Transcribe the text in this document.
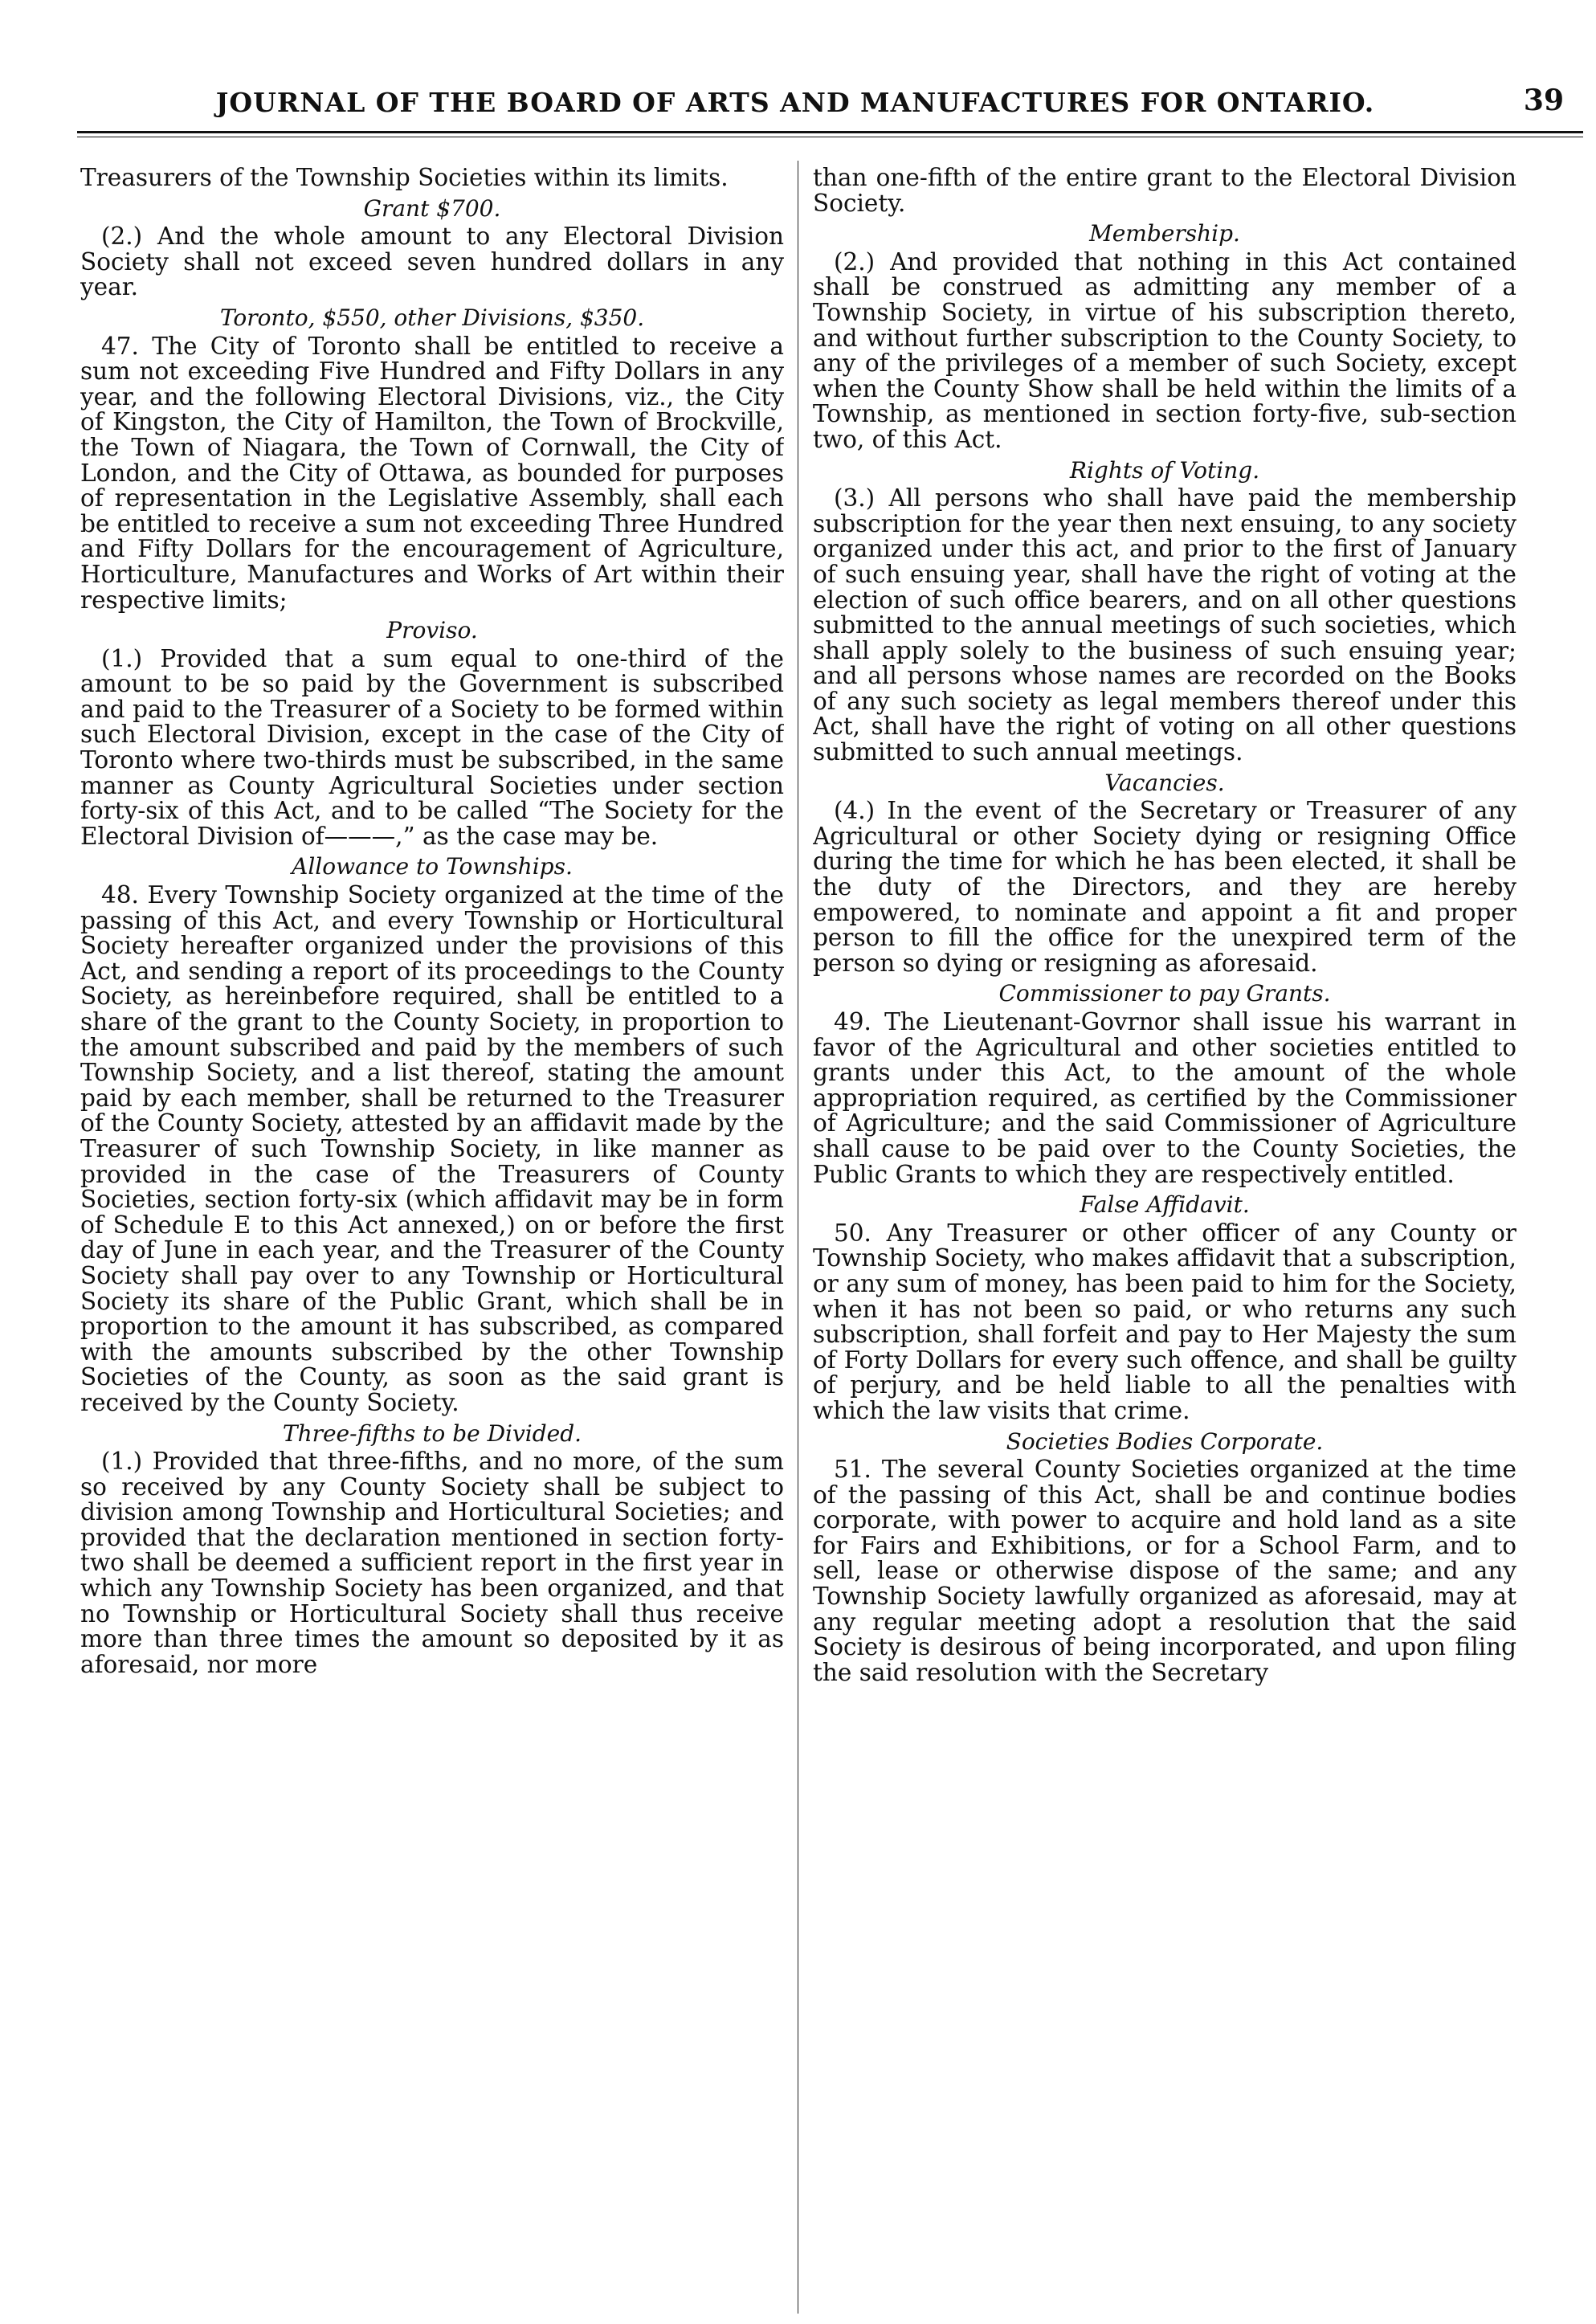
JOURNAL OF THE BOARD OF ARTS AND MANUFACTURES FOR ONTARIO.	39

Treasurers of the Township Societies within its limits.

Grant $700.

(2.) And the whole amount to any Electoral Division Society shall not exceed seven hundred dollars in any year.

Toronto, $550, other Divisions, $350.

47. The City of Toronto shall be entitled to receive a sum not exceeding Five Hundred and Fifty Dollars in any year, and the following Electoral Divisions, viz., the City of Kingston, the City of Hamilton, the Town of Brockville, the Town of Niagara, the Town of Cornwall, the City of London, and the City of Ottawa, as bounded for purposes of representation in the Legislative Assembly, shall each be entitled to receive a sum not exceeding Three Hundred and Fifty Dollars for the encouragement of Agriculture, Horticulture, Manufactures and Works of Art within their respective limits;

Proviso.

(1.) Provided that a sum equal to one-third of the amount to be so paid by the Government is subscribed and paid to the Treasurer of a Society to be formed within such Electoral Division, except in the case of the City of Toronto where two-thirds must be subscribed, in the same manner as County Agricultural Societies under section forty-six of this Act, and to be called “The Society for the Electoral Division of———,” as the case may be.

Allowance to Townships.

48. Every Township Society organized at the time of the passing of this Act, and every Township or Horticultural Society hereafter organized under the provisions of this Act, and sending a report of its proceedings to the County Society, as hereinbefore required, shall be entitled to a share of the grant to the County Society, in proportion to the amount subscribed and paid by the members of such Township Society, and a list thereof, stating the amount paid by each member, shall be returned to the Treasurer of the County Society, attested by an affidavit made by the Treasurer of such Township Society, in like manner as provided in the case of the Treasurers of County Societies, section forty-six (which affidavit may be in form of Schedule E to this Act annexed,) on or before the first day of June in each year, and the Treasurer of the County Society shall pay over to any Township or Horticultural Society its share of the Public Grant, which shall be in proportion to the amount it has subscribed, as compared with the amounts subscribed by the other Township Societies of the County, as soon as the said grant is received by the County Society.

Three-fifths to be Divided.

(1.) Provided that three-fifths, and no more, of the sum so received by any County Society shall be subject to division among Township and Horticultural Societies; and provided that the declaration mentioned in section forty-two shall be deemed a sufficient report in the first year in which any Township Society has been organized, and that no Township or Horticultural Society shall thus receive more than three times the amount so deposited by it as aforesaid, nor more

than one-fifth of the entire grant to the Electoral Division Society.

Membership.

(2.) And provided that nothing in this Act contained shall be construed as admitting any member of a Township Society, in virtue of his subscription thereto, and without further subscription to the County Society, to any of the privileges of a member of such Society, except when the County Show shall be held within the limits of a Township, as mentioned in section forty-five, sub-section two, of this Act.

Rights of Voting.

(3.) All persons who shall have paid the membership subscription for the year then next ensuing, to any society organized under this act, and prior to the first of January of such ensuing year, shall have the right of voting at the election of such office bearers, and on all other questions submitted to the annual meetings of such societies, which shall apply solely to the business of such ensuing year; and all persons whose names are recorded on the Books of any such society as legal members thereof under this Act, shall have the right of voting on all other questions submitted to such annual meetings.

Vacancies.

(4.) In the event of the Secretary or Treasurer of any Agricultural or other Society dying or resigning Office during the time for which he has been elected, it shall be the duty of the Directors, and they are hereby empowered, to nominate and appoint a fit and proper person to fill the office for the unexpired term of the person so dying or resigning as aforesaid.

Commissioner to pay Grants.

49. The Lieutenant-Govrnor shall issue his warrant in favor of the Agricultural and other societies entitled to grants under this Act, to the amount of the whole appropriation required, as certified by the Commissioner of Agriculture; and the said Commissioner of Agriculture shall cause to be paid over to the County Societies, the Public Grants to which they are respectively entitled.

False Affidavit.

50. Any Treasurer or other officer of any County or Township Society, who makes affidavit that a subscription, or any sum of money, has been paid to him for the Society, when it has not been so paid, or who returns any such subscription, shall forfeit and pay to Her Majesty the sum of Forty Dollars for every such offence, and shall be guilty of perjury, and be held liable to all the penalties with which the law visits that crime.

Societies Bodies Corporate.

51. The several County Societies organized at the time of the passing of this Act, shall be and continue bodies corporate, with power to acquire and hold land as a site for Fairs and Exhibitions, or for a School Farm, and to sell, lease or otherwise dispose of the same; and any Township Society lawfully organized as aforesaid, may at any regular meeting adopt a resolution that the said Society is desirous of being incorporated, and upon filing the said resolution with the Secretary
